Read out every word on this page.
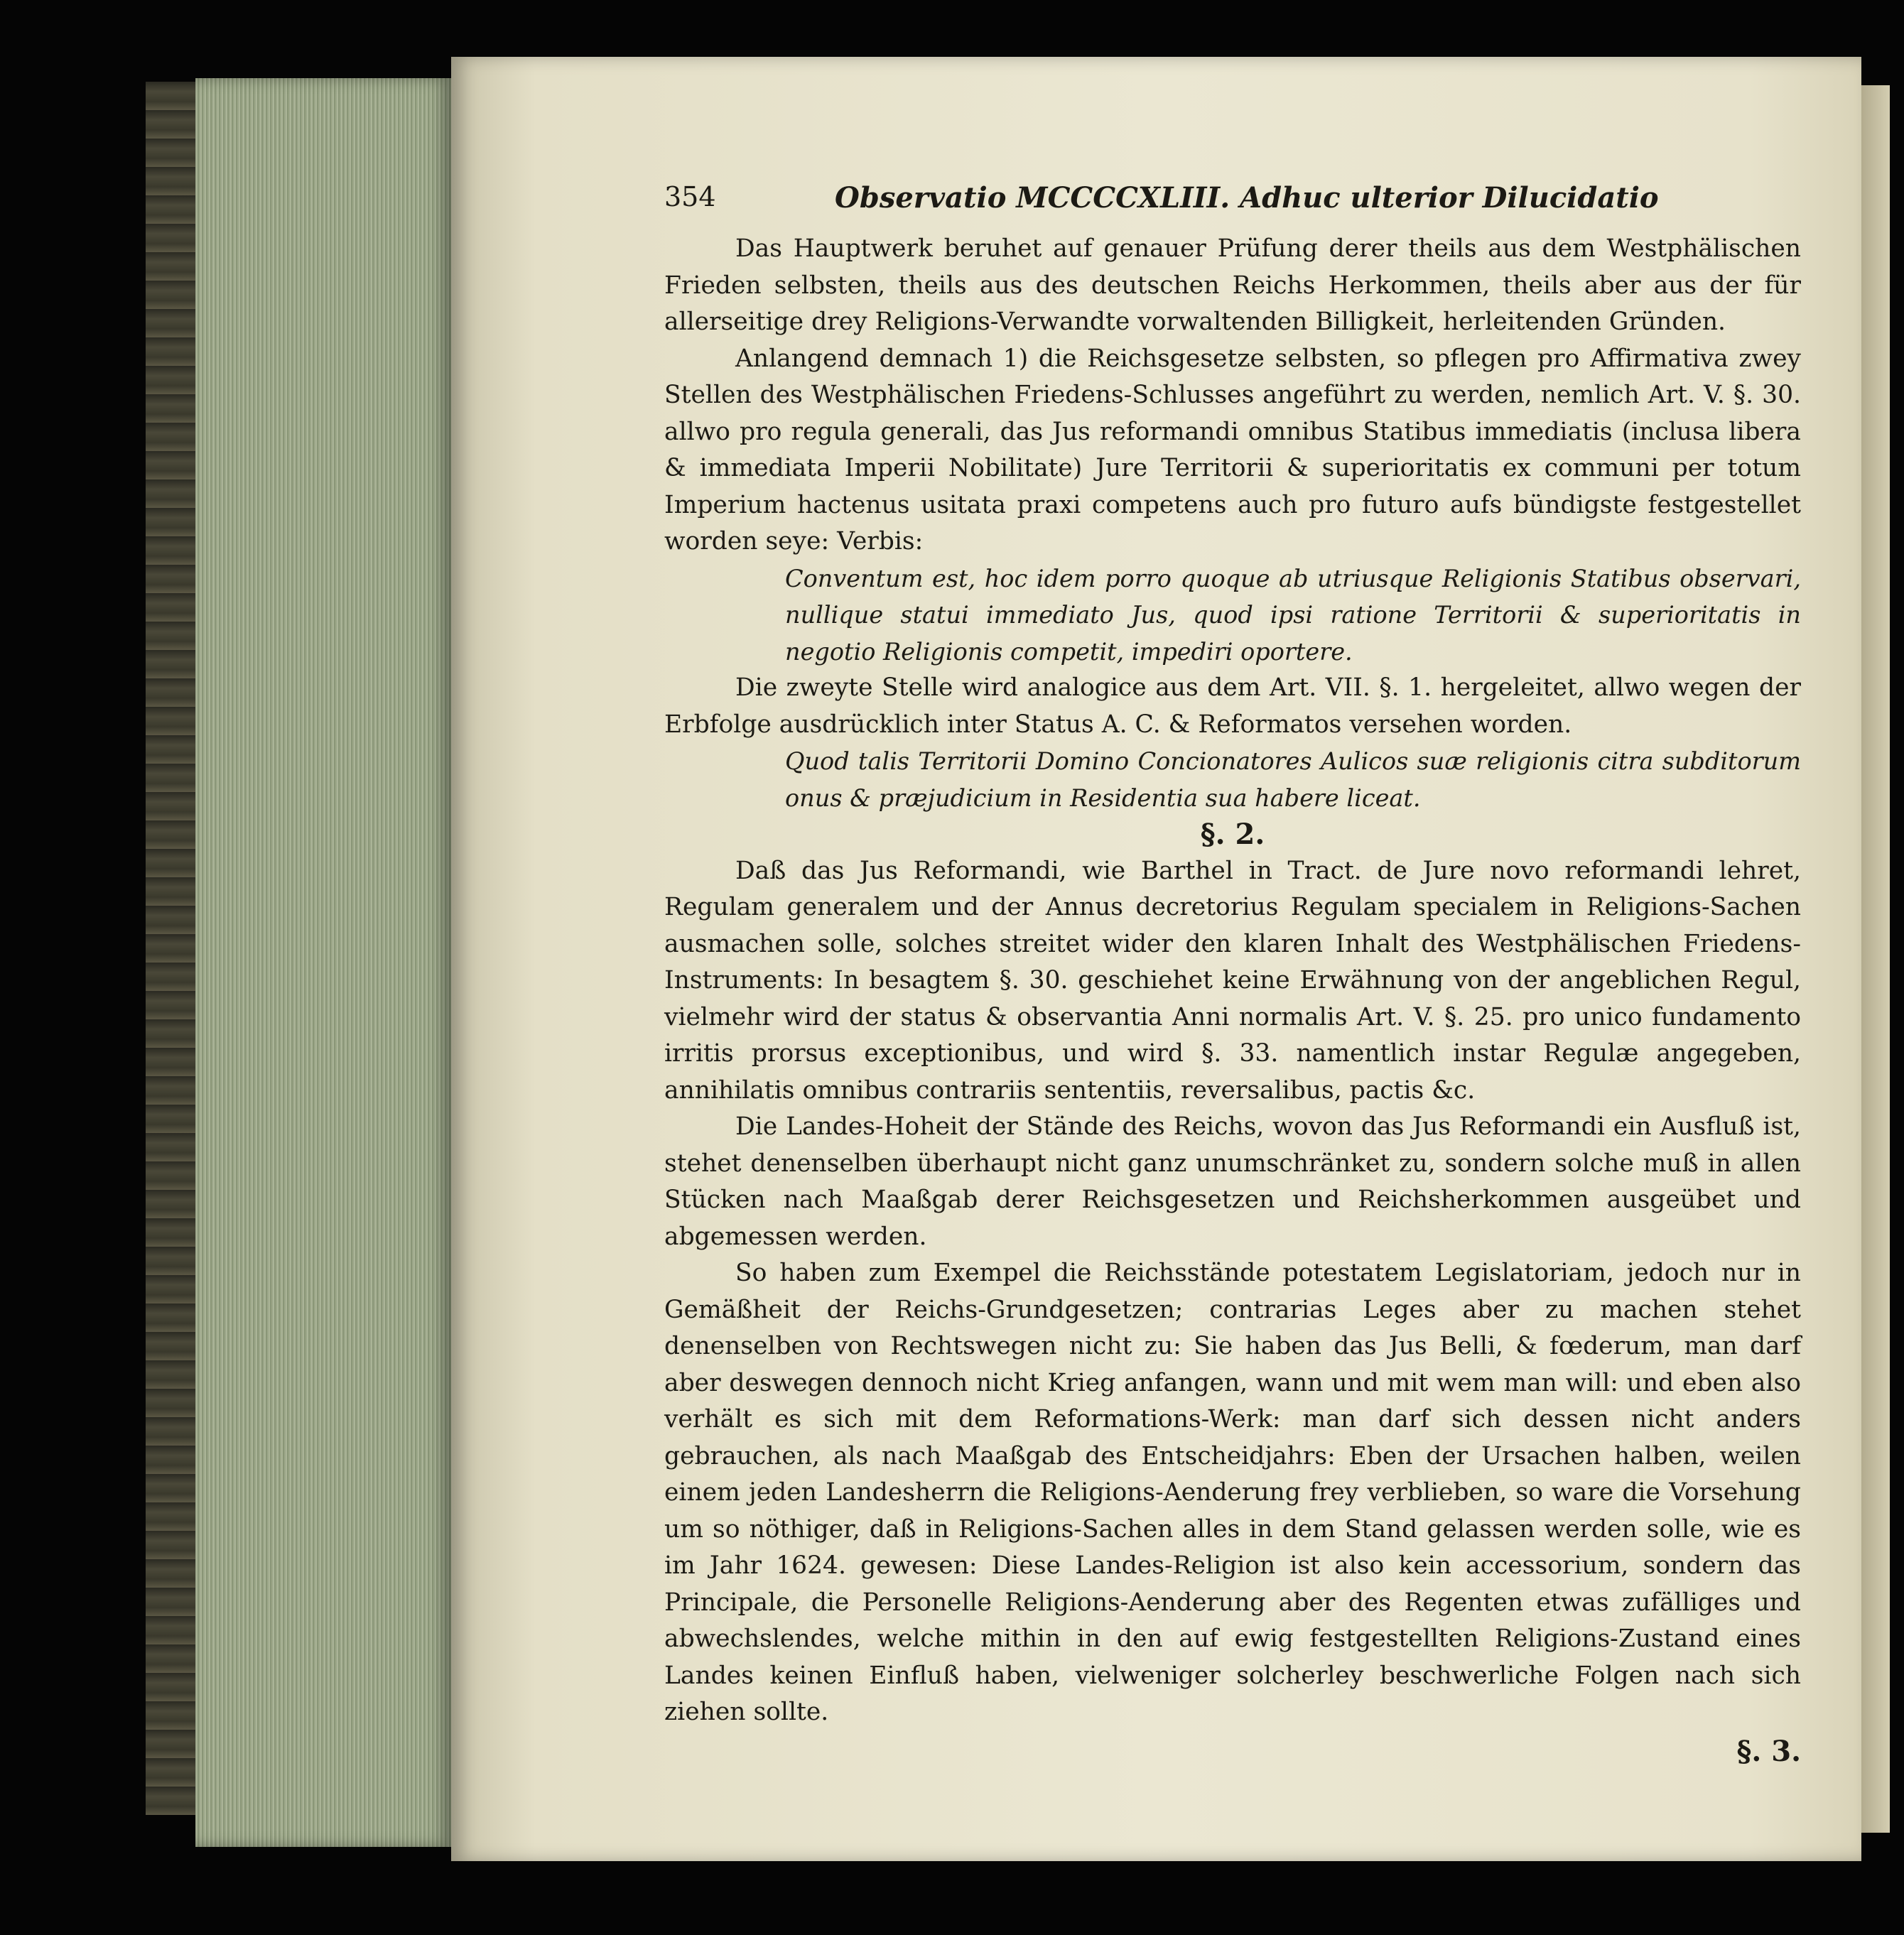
354	Observatio MCCCCXLIII. Adhuc ulterior Dilucidatio

Das Hauptwerk beruhet auf genauer Prüfung derer theils aus dem Westphälischen Frieden selbsten, theils aus des deutschen Reichs Herkommen, theils aber aus der für allerseitige drey Religions-Verwandte vorwaltenden Billigkeit, herleitenden Gründen.

Anlangend demnach 1) die Reichsgesetze selbsten, so pflegen pro Affirmativa zwey Stellen des Westphälischen Friedens-Schlusses angeführt zu werden, nemlich Art. V. §. 30. allwo pro regula generali, das Jus reformandi omnibus Statibus immediatis (inclusa libera & immediata Imperii Nobilitate) Jure Territorii & superioritatis ex communi per totum Imperium hactenus usitata praxi competens auch pro futuro aufs bündigste festgestellet worden seye: Verbis:

Conventum est, hoc idem porro quoque ab utriusque Religionis Statibus observari, nullique statui immediato Jus, quod ipsi ratione Territorii & superioritatis in negotio Religionis competit, impediri oportere.

Die zweyte Stelle wird analogice aus dem Art. VII. §. 1. hergeleitet, allwo wegen der Erbfolge ausdrücklich inter Status A. C. & Reformatos versehen worden.

Quod talis Territorii Domino Concionatores Aulicos suæ religionis citra subditorum onus & præjudicium in Residentia sua habere liceat.

§. 2.

Daß das Jus Reformandi, wie Barthel in Tract. de Jure novo reformandi lehret, Regulam generalem und der Annus decretorius Regulam specialem in Religions-Sachen ausmachen solle, solches streitet wider den klaren Inhalt des Westphälischen Friedens-Instruments: In besagtem §. 30. geschiehet keine Erwähnung von der angeblichen Regul, vielmehr wird der status & observantia Anni normalis Art. V. §. 25. pro unico fundamento irritis prorsus exceptionibus, und wird §. 33. namentlich instar Regulæ angegeben, annihilatis omnibus contrariis sententiis, reversalibus, pactis &c.

Die Landes-Hoheit der Stände des Reichs, wovon das Jus Reformandi ein Ausfluß ist, stehet denenselben überhaupt nicht ganz unumschränket zu, sondern solche muß in allen Stücken nach Maaßgab derer Reichsgesetzen und Reichsherkommen ausgeübet und abgemessen werden.

So haben zum Exempel die Reichsstände potestatem Legislatoriam, jedoch nur in Gemäßheit der Reichs-Grundgesetzen; contrarias Leges aber zu machen stehet denenselben von Rechtswegen nicht zu: Sie haben das Jus Belli, & fœderum, man darf aber deswegen dennoch nicht Krieg anfangen, wann und mit wem man will: und eben also verhält es sich mit dem Reformations-Werk: man darf sich dessen nicht anders gebrauchen, als nach Maaßgab des Entscheidjahrs: Eben der Ursachen halben, weilen einem jeden Landesherrn die Religions-Aenderung frey verblieben, so ware die Vorsehung um so nöthiger, daß in Religions-Sachen alles in dem Stand gelassen werden solle, wie es im Jahr 1624. gewesen: Diese Landes-Religion ist also kein accessorium, sondern das Principale, die Personelle Religions-Aenderung aber des Regenten etwas zufälliges und abwechslendes, welche mithin in den auf ewig festgestellten Religions-Zustand eines Landes keinen Einfluß haben, vielweniger solcherley beschwerliche Folgen nach sich ziehen sollte.

§. 3.
